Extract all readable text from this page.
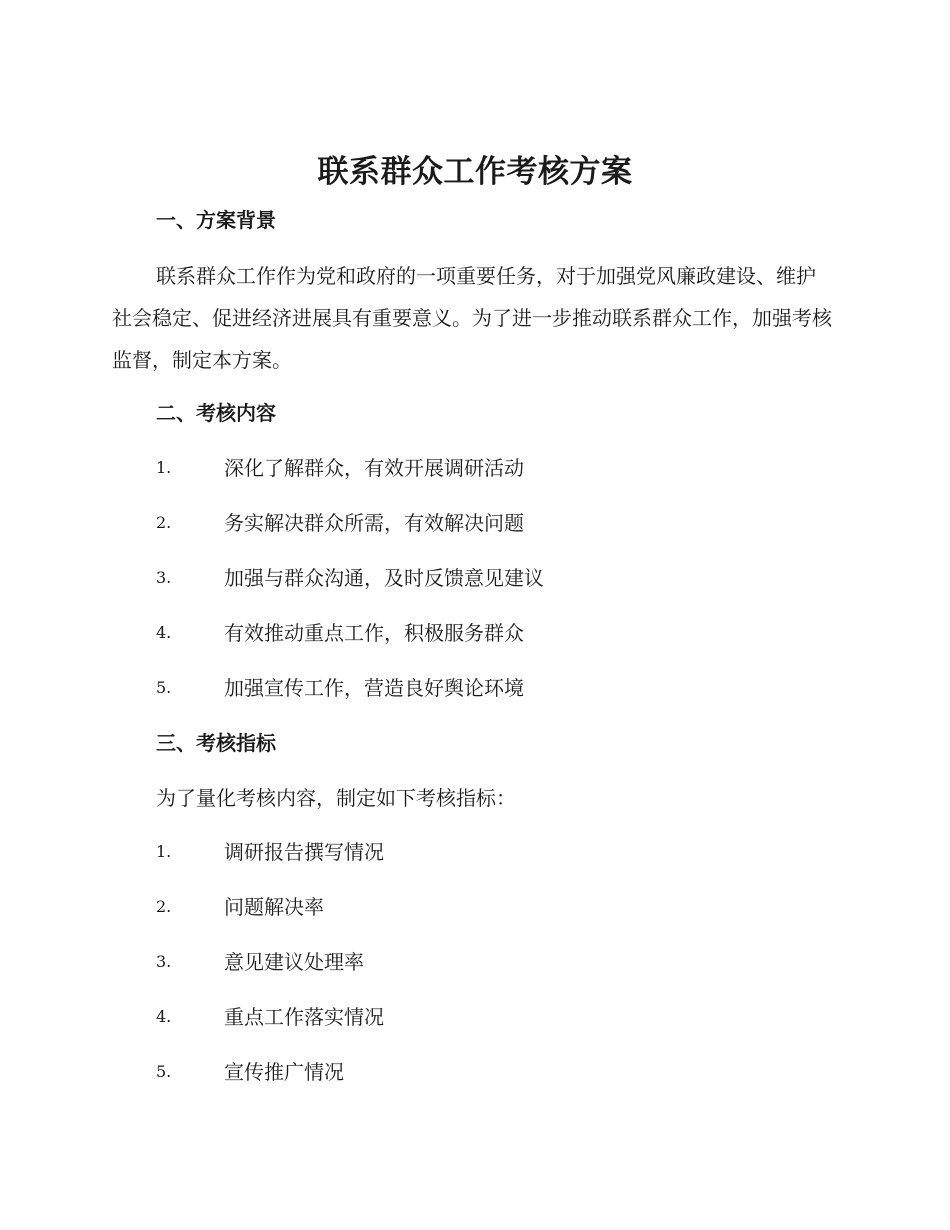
联系群众工作考核方案
一、方案背景
联系群众工作作为党和政府的一项重要任务，对于加强党风廉政建设、维护社会稳定、促进经济进展具有重要意义。为了进一步推动联系群众工作，加强考核监督，制定本方案。
二、考核内容
1.	深化了解群众，有效开展调研活动
2.	务实解决群众所需，有效解决问题
3.	加强与群众沟通，及时反馈意见建议
4.	有效推动重点工作，积极服务群众
5.	加强宣传工作，营造良好舆论环境
三、考核指标
为了量化考核内容，制定如下考核指标：
1.	调研报告撰写情况
2.	问题解决率
3.	意见建议处理率
4.	重点工作落实情况
5.	宣传推广情况
